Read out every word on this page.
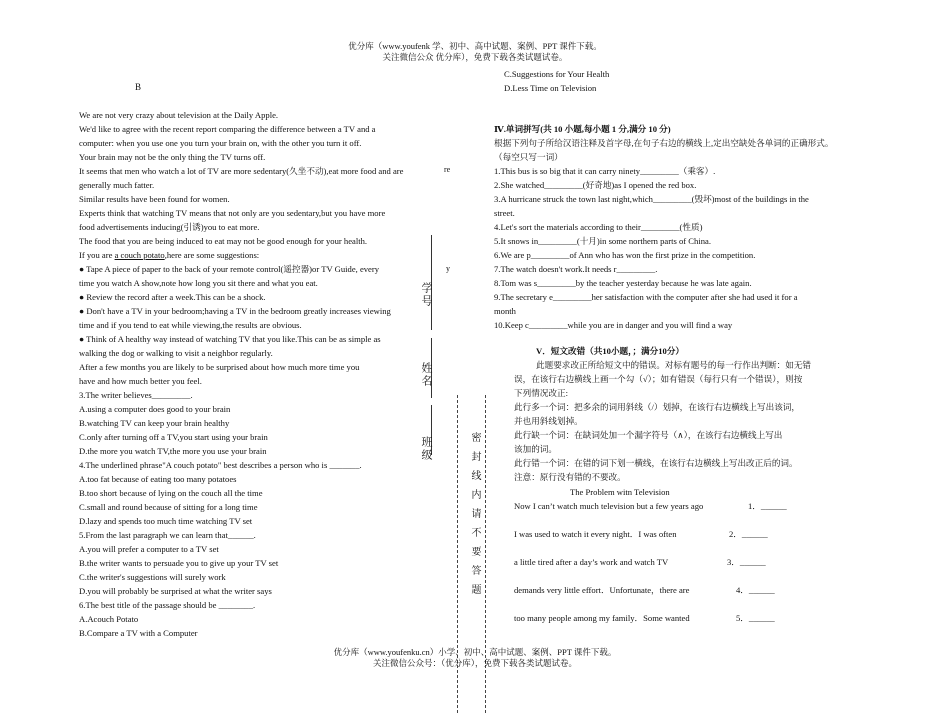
优分库（www.youfenk 学、初中、高中试题、案例、PPT 课件下载。
关注微信公众 优分库），免费下载各类试题试卷。
B
We are not very crazy about television at the Daily Apple.
We'd like to agree with the recent report comparing the difference between a TV and a
computer: when you use one you turn your brain on, with the other you turn it off.
Your brain may not be the only thing the TV turns off.
It seems that men who watch a lot of TV are more sedentary(久坐不动),eat more food and are
generally much fatter.
Similar results have been found for women.
Experts think that watching TV means that not only are you sedentary,but you have more
food advertisements inducing(引诱)you to eat more.
The food that you are being induced to eat may not be good enough for your health.
If you are a couch potato,here are some suggestions:
● Tape A piece of paper to the back of your remote control(遥控器)or TV Guide, every
time you watch A show,note how long you sit there and what you eat.
● Review the record after a week.This can be a shock.
● Don't have a TV in your bedroom;having a TV in the bedroom greatly increases viewing
time and if you tend to eat while viewing,the results are obvious.
● Think of A healthy way instead of watching TV that you like.This can be as simple as
walking the dog or walking to visit a neighbor regularly.
After a few months you are likely to be surprised about how much more time you
have and how much better you feel.
3.The writer believes_________.
A.using a computer does good to your brain
B.watching TV can keep your brain healthy
C.only after turning off a TV,you start using your brain
D.the more you watch TV,the more you use your brain
4.The underlined phrase"A couch potato" best describes a person who is _______.
A.too fat because of eating too many potatoes
B.too short because of lying on the couch all the time
C.small and round because of sitting for a long time
D.lazy and spends too much time watching TV set
5.From the last paragraph we can learn that______.
A.you will prefer a computer to a TV set
B.the writer wants to persuade you to give up your TV set
C.the writer's suggestions will surely work
D.you will probably be surprised at what the writer says
6.The best title of the passage should be ________.
A.Acouch Potato
B.Compare a TV with a Computer
学号
姓名
班级	密封线内请不要答题
re
y
C.Suggestions for Your Health
D.Less Time on Television
Ⅳ.单词拼写(共 10 小题,每小题 1 分,满分 10 分)
根据下列句子所给汉语注释及首字母,在句子右边的横线上,定出空缺处各单词的正确形式。
（每空只写一词）
1.This bus is so big that it can carry ninety_________（乘客）.
2.She watched_________(好奇地)as I opened the red box.
3.A hurricane struck the town last night,which_________(毁坏)most of the buildings in the
street.
4.Let's sort the materials according to their_________(性质)
5.It snows in_________(十月)in some northern parts of China.
6.We are p_________of Ann who has won the first prize in the competition.
7.The watch doesn't work.It needs r_________.
8.Tom was s_________by the teacher yesterday because he was late again.
9.The secretary e_________her satisfaction with the computer after she had used it for a
month
10.Keep c_________while you are in danger and you will find a way
V．短文改错（共10小题，；满分10分）
此题要求改正所给短文中的错误。对标有题号的每一行作出判断：如无错
误，在该行右边横线上画一个勾（√）；如有错误（每行只有一个错误），则按
下列情况改正:
此行多一个词：把多余的词用斜线（/）划掉，在该行右边横线上写出该词，
并也用斜线划掉。
此行缺一个词：在缺词处加一个漏字符号（∧），在该行右边横线上写出
该加的词。
此行错一个词：在错的词下划一横线，在该行右边横线上写出改正后的词。
注意：原行没有错的不要改。
The Problem witn Television
Now I can’t watch much television but a few years ago	1．______
I was used to watch it every night．I was often	2．______
a little tired after a day’s work and watch TV	3．______
demands very little effort．Unfortunate，there are	4．______
too many people among my family．Some wanted	5．______
优分库（www.youfenku.cn）小学、初中、高中试题、案例、PPT 课件下载。
关注微信公众号：（优分库），免费下载各类试题试卷。
